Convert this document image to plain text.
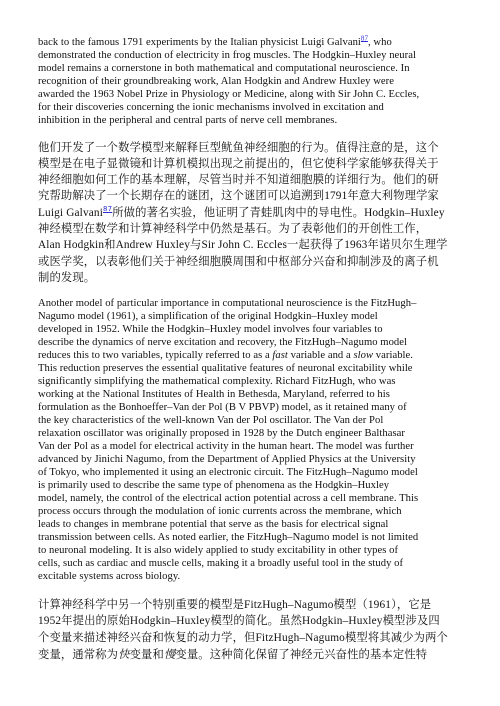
back to the famous 1791 experiments by the Italian physicist Luigi Galvani$^{87}$, who
demonstrated the conduction of electricity in frog muscles. The Hodgkin–Huxley neural
model remains a cornerstone in both mathematical and computational neuroscience. In
recognition of their groundbreaking work, Alan Hodgkin and Andrew Huxley were
awarded the 1963 Nobel Prize in Physiology or Medicine, along with Sir John C. Eccles,
for their discoveries concerning the ionic mechanisms involved in excitation and
inhibition in the peripheral and central parts of nerve cell membranes.

他们开发了一个数学模型来解释巨型鱿鱼神经细胞的行为。值得注意的是，这个
模型是在电子显微镜和计算机模拟出现之前提出的，但它使科学家能够获得关于
神经细胞如何工作的基本理解，尽管当时并不知道细胞膜的详细行为。他们的研
究帮助解决了一个长期存在的谜团，这个谜团可以追溯到1791年意大利物理学家
Luigi Galvani$^{87}$所做的著名实验，他证明了青蛙肌肉中的导电性。Hodgkin–Huxley
神经模型在数学和计算神经科学中仍然是基石。为了表彰他们的开创性工作，
Alan Hodgkin和Andrew Huxley与Sir John C. Eccles一起获得了1963年诺贝尔生理学
或医学奖，以表彰他们关于神经细胞膜周围和中枢部分兴奋和抑制涉及的离子机
制的发现。

Another model of particular importance in computational neuroscience is the FitzHugh–
Nagumo model (1961), a simplification of the original Hodgkin–Huxley model
developed in 1952. While the Hodgkin–Huxley model involves four variables to
describe the dynamics of nerve excitation and recovery, the FitzHugh–Nagumo model
reduces this to two variables, typically referred to as a fast variable and a slow variable.
This reduction preserves the essential qualitative features of neuronal excitability while
significantly simplifying the mathematical complexity. Richard FitzHugh, who was
working at the National Institutes of Health in Bethesda, Maryland, referred to his
formulation as the Bonhoeffer–Van der Pol (B V PBVP) model, as it retained many of
the key characteristics of the well-known Van der Pol oscillator. The Van der Pol
relaxation oscillator was originally proposed in 1928 by the Dutch engineer Balthasar
Van der Pol as a model for electrical activity in the human heart. The model was further
advanced by Jinichi Nagumo, from the Department of Applied Physics at the University
of Tokyo, who implemented it using an electronic circuit. The FitzHugh–Nagumo model
is primarily used to describe the same type of phenomena as the Hodgkin–Huxley
model, namely, the control of the electrical action potential across a cell membrane. This
process occurs through the modulation of ionic currents across the membrane, which
leads to changes in membrane potential that serve as the basis for electrical signal
transmission between cells. As noted earlier, the FitzHugh–Nagumo model is not limited
to neuronal modeling. It is also widely applied to study excitability in other types of
cells, such as cardiac and muscle cells, making it a broadly useful tool in the study of
excitable systems across biology.

计算神经科学中另一个特别重要的模型是FitzHugh–Nagumo模型（1961），它是
1952年提出的原始Hodgkin–Huxley模型的简化。虽然Hodgkin–Huxley模型涉及四
个变量来描述神经兴奋和恢复的动力学，但FitzHugh–Nagumo模型将其减少为两个
变量，通常称为快变量和慢变量。这种简化保留了神经元兴奋性的基本定性特
